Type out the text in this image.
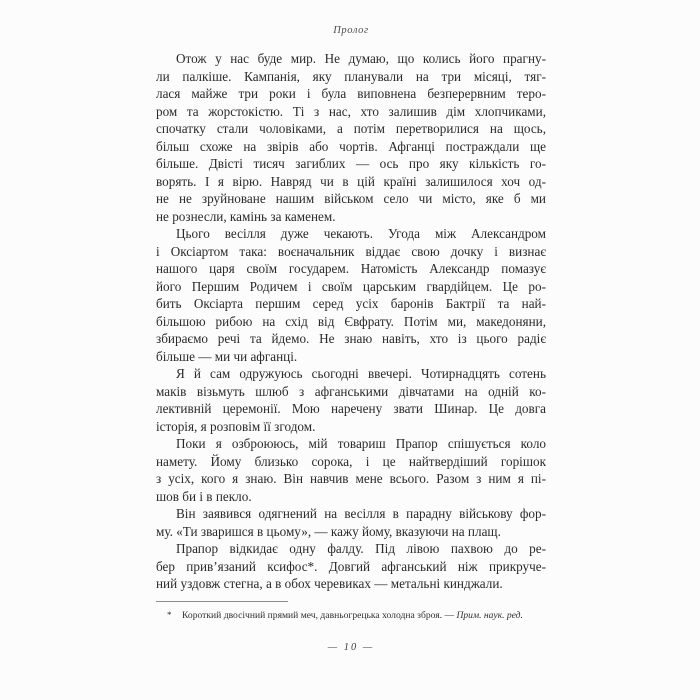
Пролог
Отож у нас буде мир. Не думаю, що колись його прагну-
ли палкіше. Кампанія, яку планували на три місяці, тяг-
лася майже три роки і була виповнена безперервним теро-
ром та жорстокістю. Ті з нас, хто залишив дім хлопчиками,
спочатку стали чоловіками, а потім перетворилися на щось,
більш схоже на звірів або чортів. Афганці постраждали ще
більше. Двісті тисяч загиблих — ось про яку кількість го-
ворять. І я вірю. Навряд чи в цій країні залишилося хоч од-
не не зруйноване нашим військом село чи місто, яке б ми
не рознесли, камінь за каменем.
Цього весілля дуже чекають. Угода між Александром
і Оксіартом така: воєначальник віддає свою дочку і визнає
нашого царя своїм государем. Натомість Александр помазує
його Першим Родичем і своїм царським гвардійцем. Це ро-
бить Оксіарта першим серед усіх баронів Бактрії та най-
більшою рибою на схід від Євфрату. Потім ми, македоняни,
збираємо речі та йдемо. Не знаю навіть, хто із цього радіє
більше — ми чи афганці.
Я й сам одружуюсь сьогодні ввечері. Чотирнадцять сотень
маків візьмуть шлюб з афганськими дівчатами на одній ко-
лективній церемонії. Мою наречену звати Шинар. Це довга
історія, я розповім її згодом.
Поки я озброююсь, мій товариш Прапор спішується коло
намету. Йому близько сорока, і це найтвердіший горішок
з усіх, кого я знаю. Він навчив мене всього. Разом з ним я пі-
шов би і в пекло.
Він заявився одягнений на весілля в парадну військову фор-
му. «Ти зваришся в цьому», — кажу йому, вказуючи на плащ.
Прапор відкидає одну фалду. Під лівою пахвою до ре-
бер прив’язаний ксифос*. Довгий афганський ніж прикруче-
ний уздовж стегна, а в обох черевиках — метальні кинджали.
*	Короткий двосічний прямий меч, давньогрецька холодна зброя. — Прим. наук. ред.
— 10 —
